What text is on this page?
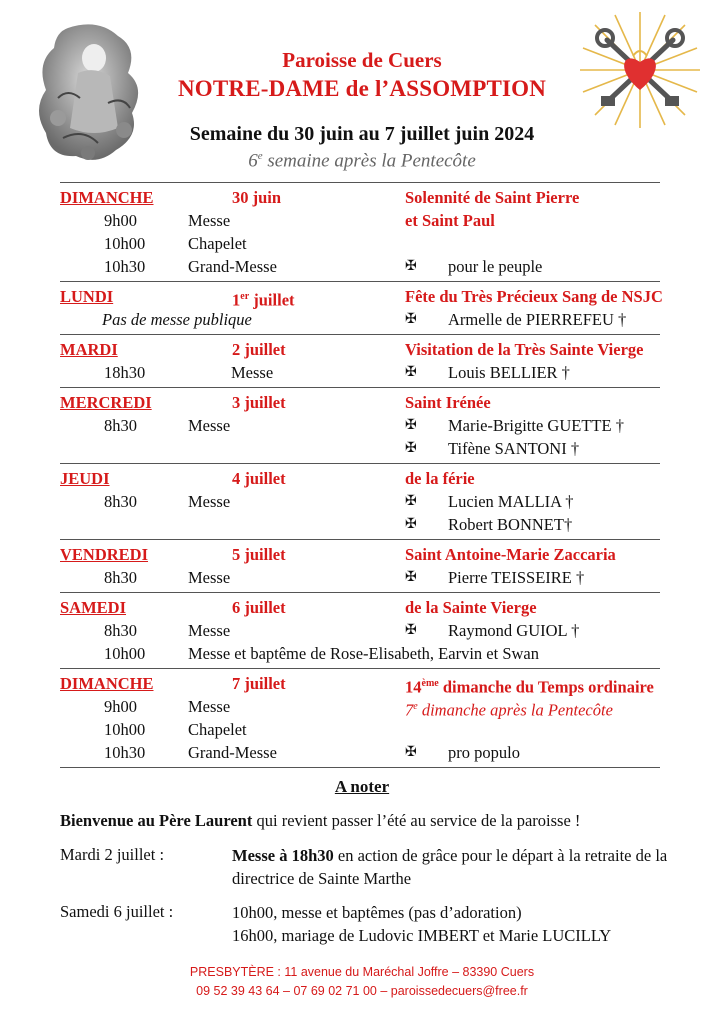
Paroisse de Cuers
NOTRE-DAME de l’ASSOMPTION
Semaine du 30 juin au 7 juillet juin 2024
6e semaine après la Pentecôte
DIMANCHE	30 juin	Solennité de Saint Pierre
9h00	Messe	et Saint Paul
10h00	Chapelet
10h30	Grand-Messe	✠ pour le peuple
LUNDI	1er juillet	Fête du Très Précieux Sang de NSJC
Pas de messe publique	✠ Armelle de PIERREFEU †
MARDI	2 juillet	Visitation de la Très Sainte Vierge
18h30	Messe	✠ Louis BELLIER †
MERCREDI	3 juillet	Saint Irénée
8h30	Messe	✠ Marie-Brigitte GUETTE †
✠ Tifène SANTONI †
JEUDI	4 juillet	de la férie
8h30	Messe	✠ Lucien MALLIA †
✠ Robert BONNET†
VENDREDI	5 juillet	Saint Antoine-Marie Zaccaria
8h30	Messe	✠ Pierre TEISSEIRE †
SAMEDI	6 juillet	de la Sainte Vierge
8h30	Messe	✠ Raymond GUIOL †
10h00	Messe et baptême de Rose-Elisabeth, Earvin et Swan
DIMANCHE	7 juillet	14ème dimanche du Temps ordinaire
9h00	Messe	7e dimanche après la Pentecôte
10h00	Chapelet
10h30	Grand-Messe	✠ pro populo
A noter
Bienvenue au Père Laurent qui revient passer l’été au service de la paroisse !
Mardi 2 juillet :	Messe à 18h30 en action de grâce pour le départ à la retraite de la directrice de Sainte Marthe
Samedi 6 juillet :	10h00, messe et baptêmes (pas d’adoration)
16h00, mariage de Ludovic IMBERT et Marie LUCILLY
PRESBYTÈRE : 11 avenue du Maréchal Joffre – 83390 Cuers
09 52 39 43 64 – 07 69 02 71 00 – paroissedecuers@free.fr
